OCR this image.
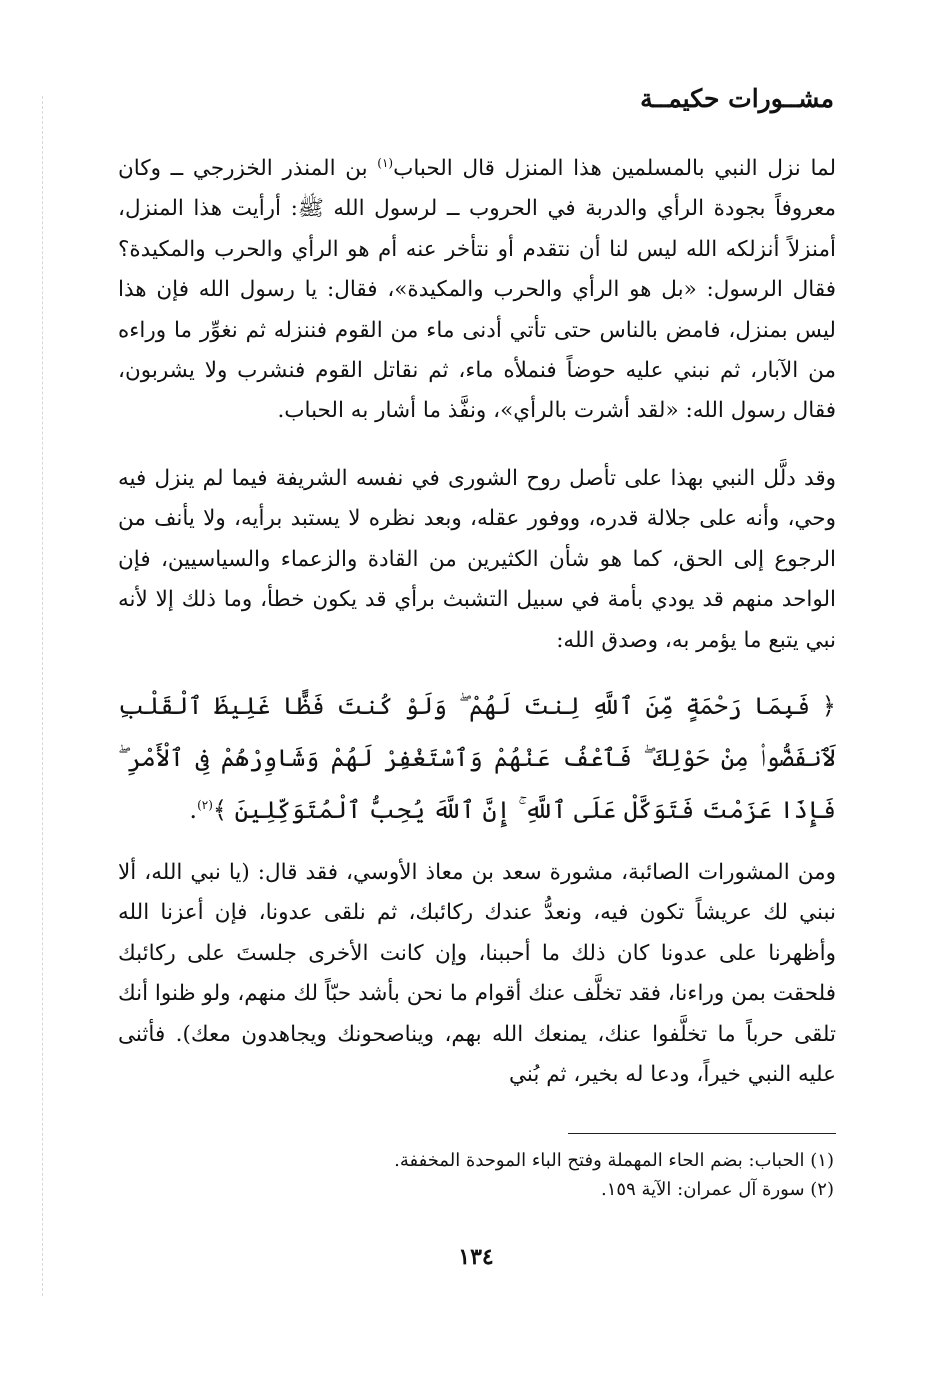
مشــورات حكيمــة
لما نزل النبي بالمسلمين هذا المنزل قال الحباب$^{(١)}$ بن المنذر الخزرجي ــ وكان معروفاً بجودة الرأي والدربة في الحروب ــ لرسول الله ﷺ: أرأيت هذا المنزل، أمنزلاً أنزلكه الله ليس لنا أن نتقدم أو نتأخر عنه أم هو الرأي والحرب والمكيدة؟ فقال الرسول: «بل هو الرأي والحرب والمكيدة»، فقال: يا رسول الله فإن هذا ليس بمنزل، فامض بالناس حتى تأتي أدنى ماء من القوم فننزله ثم نغوِّر ما وراءه من الآبار، ثم نبني عليه حوضاً فنملأه ماء، ثم نقاتل القوم فنشرب ولا يشربون، فقال رسول الله: «لقد أشرت بالرأي»، ونفَّذ ما أشار به الحباب.
وقد دلَّل النبي بهذا على تأصل روح الشورى في نفسه الشريفة فيما لم ينزل فيه وحي، وأنه على جلالة قدره، ووفور عقله، وبعد نظره لا يستبد برأيه، ولا يأنف من الرجوع إلى الحق، كما هو شأن الكثيرين من القادة والزعماء والسياسيين، فإن الواحد منهم قد يودي بأمة في سبيل التشبث برأي قد يكون خطأ، وما ذلك إلا لأنه نبي يتبع ما يؤمر به، وصدق الله:
﴿ فَبِمَا رَحْمَةٍ مِّنَ ٱللَّهِ لِنتَ لَهُمْ ۖ وَلَوْ كُنتَ فَظًّا غَلِيظَ ٱلْقَلْبِ لَٱنفَضُّوا۟ مِنْ حَوْلِكَ ۖ فَٱعْفُ عَنْهُمْ وَٱسْتَغْفِرْ لَهُمْ وَشَاوِرْهُمْ فِى ٱلْأَمْرِ ۖ فَإِذَا عَزَمْتَ فَتَوَكَّلْ عَلَى ٱللَّهِ ۚ إِنَّ ٱللَّهَ يُحِبُّ ٱلْمُتَوَكِّلِينَ ﴾$^{(٢)}$.
ومن المشورات الصائبة، مشورة سعد بن معاذ الأوسي، فقد قال: (يا نبي الله، ألا نبني لك عريشاً تكون فيه، ونعدُّ عندك ركائبك، ثم نلقى عدونا، فإن أعزنا الله وأظهرنا على عدونا كان ذلك ما أحببنا، وإن كانت الأخرى جلستَ على ركائبك فلحقت بمن وراءنا، فقد تخلَّف عنك أقوام ما نحن بأشد حبّاً لك منهم، ولو ظنوا أنك تلقى حرباً ما تخلَّفوا عنك، يمنعك الله بهم، ويناصحونك ويجاهدون معك). فأثنى عليه النبي خيراً، ودعا له بخير، ثم بُني
(١) الحباب: بضم الحاء المهملة وفتح الباء الموحدة المخففة.
(٢) سورة آل عمران: الآية ١٥٩.
١٣٤
